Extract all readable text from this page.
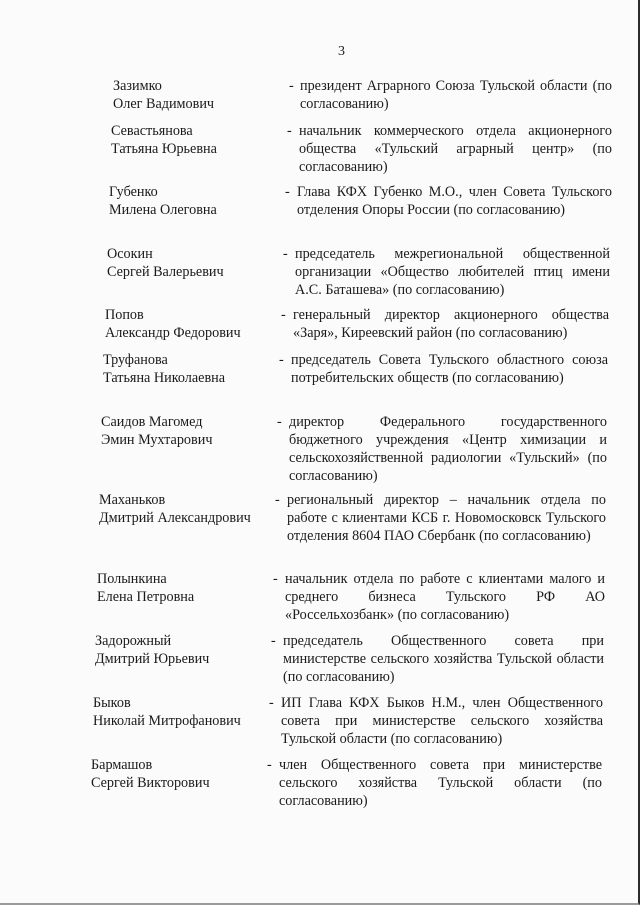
3
Зазимко
Олег Вадимович
- президент Аграрного Союза Тульской области (по согласованию)
Севастьянова
Татьяна Юрьевна
- начальник коммерческого отдела акционерного общества «Тульский аграрный центр» (по согласованию)
Губенко
Милена Олеговна
- Глава КФХ Губенко М.О., член Совета Тульского отделения Опоры России (по согласованию)
Осокин
Сергей Валерьевич
- председатель межрегиональной общественной организации «Общество любителей птиц имени А.С. Баташева» (по согласованию)
Попов
Александр Федорович
- генеральный директор акционерного общества «Заря», Киреевский район (по согласованию)
Труфанова
Татьяна Николаевна
- председатель Совета Тульского областного союза потребительских обществ (по согласованию)
Саидов Магомед
Эмин Мухтарович
- директор Федерального государственного бюджетного учреждения «Центр химизации и сельскохозяйственной радиологии «Тульский» (по согласованию)
Маханьков
Дмитрий Александрович
- региональный директор – начальник отдела по работе с клиентами КСБ г. Новомосковск Тульского отделения 8604 ПАО Сбербанк (по согласованию)
Полынкина
Елена Петровна
- начальник отдела по работе с клиентами малого и среднего бизнеса Тульского РФ АО «Россельхозбанк» (по согласованию)
Задорожный
Дмитрий Юрьевич
- председатель Общественного совета при министерстве сельского хозяйства Тульской области (по согласованию)
Быков
Николай Митрофанович
- ИП Глава КФХ Быков Н.М., член Общественного совета при министерстве сельского хозяйства Тульской области (по согласованию)
Бармашов
Сергей Викторович
- член Общественного совета при министерстве сельского хозяйства Тульской области (по согласованию)
